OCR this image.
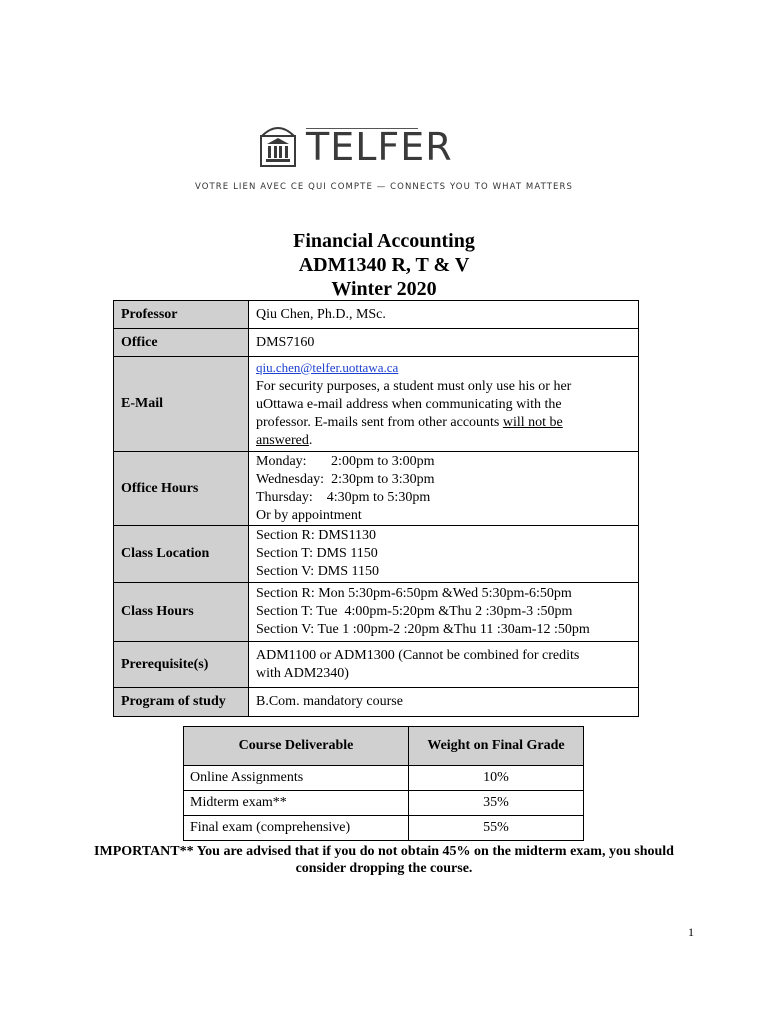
TELFER
VOTRE LIEN AVEC CE QUI COMPTE — CONNECTS YOU TO WHAT MATTERS
Financial Accounting
ADM1340 R, T & V
Winter 2020
Professor	Qiu Chen, Ph.D., MSc.
Office	DMS7160
E-Mail	qiu.chen@telfer.uottawa.ca
For security purposes, a student must only use his or her
uOttawa e-mail address when communicating with the
professor. E-mails sent from other accounts will not be
answered.

Office Hours	Monday:       2:00pm to 3:00pm
Wednesday:  2:30pm to 3:30pm
Thursday:    4:30pm to 5:30pm
Or by appointment

Class Location	Section R: DMS1130
Section T: DMS 1150
Section V: DMS 1150

Class Hours	Section R: Mon 5:30pm-6:50pm &Wed 5:30pm-6:50pm
Section T: Tue  4:00pm-5:20pm &Thu 2 :30pm-3 :50pm
Section V: Tue 1 :00pm-2 :20pm &Thu 11 :30am-12 :50pm

Prerequisite(s)	ADM1100 or ADM1300 (Cannot be combined for credits
with ADM2340)

Program of study	B.Com. mandatory course
Course Deliverable	Weight on Final Grade
Online Assignments	10%
Midterm exam**	35%
Final exam (comprehensive)	55%
IMPORTANT** You are advised that if you do not obtain 45% on the midterm exam, you should
consider dropping the course.
1
